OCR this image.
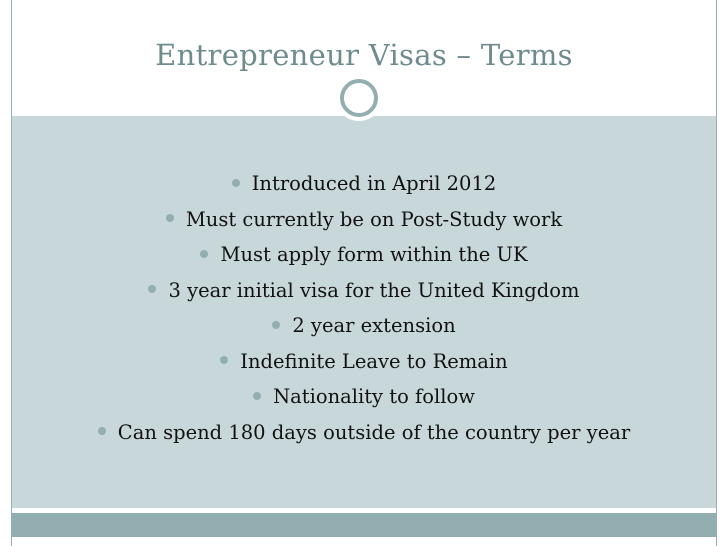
Entrepreneur Visas – Terms
Introduced in April 2012
Must currently be on Post-Study work
Must apply form within the UK
3 year initial visa for the United Kingdom
2 year extension
Indefinite Leave to Remain
Nationality to follow
Can spend 180 days outside of the country per year
